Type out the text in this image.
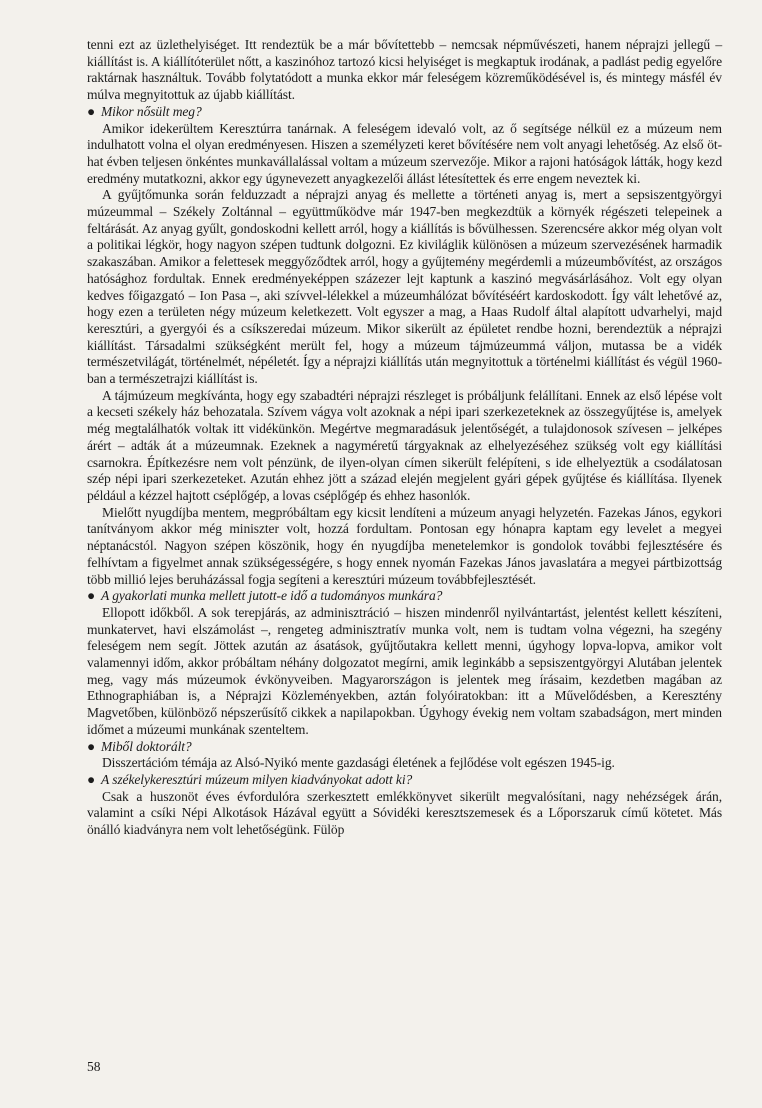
tenni ezt az üzlethelyiséget. Itt rendeztük be a már bővítettebb – nemcsak népművészeti, hanem néprajzi jellegű – kiállítást is. A kiállítóterület nőtt, a kaszinóhoz tartozó kicsi helyiséget is megkaptuk irodának, a padlást pedig egyelőre raktárnak használtuk. Tovább folytatódott a munka ekkor már feleségem közreműködésével is, és mintegy másfél év múlva megnyitottuk az újabb kiállítást.

● Mikor nősült meg?

Amikor idekerültem Keresztúrra tanárnak. A feleségem idevaló volt, az ő segítsége nélkül ez a múzeum nem indulhatott volna el olyan eredményesen. Hiszen a személyzeti keret bővítésére nem volt anyagi lehetőség. Az első öt-hat évben teljesen önkéntes munkavállalással voltam a múzeum szervezője. Mikor a rajoni hatóságok látták, hogy kezd eredmény mutatkozni, akkor egy úgynevezett anyagkezelői állást létesítettek és erre engem neveztek ki.

A gyűjtőmunka során felduzzadt a néprajzi anyag és mellette a történeti anyag is, mert a sepsiszentgyörgyi múzeummal – Székely Zoltánnal – együttműködve már 1947-ben megkezdtük a környék régészeti telepeinek a feltárását. Az anyag gyűlt, gondoskodni kellett arról, hogy a kiállítás is bővülhessen. Szerencsére akkor még olyan volt a politikai légkör, hogy nagyon szépen tudtunk dolgozni. Ez kiviláglik különösen a múzeum szervezésének harmadik szakaszában. Amikor a felettesek meggyőződtek arról, hogy a gyűjtemény megérdemli a múzeumbővítést, az országos hatósághoz fordultak. Ennek eredményeképpen százezer lejt kaptunk a kaszinó megvásárlásához. Volt egy olyan kedves főigazgató – Ion Pasa –, aki szívvel-lélekkel a múzeumhálózat bővítéséért kardoskodott. Így vált lehetővé az, hogy ezen a területen négy múzeum keletkezett. Volt egyszer a mag, a Haas Rudolf által alapított udvarhelyi, majd keresztúri, a gyergyói és a csíkszeredai múzeum. Mikor sikerült az épületet rendbe hozni, berendeztük a néprajzi kiállítást. Társadalmi szükségként merült fel, hogy a múzeum tájmúzeummá váljon, mutassa be a vidék természetvilágát, történelmét, népéletét. Így a néprajzi kiállítás után megnyitottuk a történelmi kiállítást és végül 1960-ban a természetrajzi kiállítást is.

A tájmúzeum megkívánta, hogy egy szabadtéri néprajzi részleget is próbáljunk felállítani. Ennek az első lépése volt a kecseti székely ház behozatala. Szívem vágya volt azoknak a népi ipari szerkezeteknek az összegyűjtése is, amelyek még megtalálhatók voltak itt vidékünkön. Megértve megmaradásuk jelentőségét, a tulajdonosok szívesen – jelképes árért – adták át a múzeumnak. Ezeknek a nagyméretű tárgyaknak az elhelyezéséhez szükség volt egy kiállítási csarnokra. Építkezésre nem volt pénzünk, de ilyen-olyan címen sikerült felépíteni, s ide elhelyeztük a csodálatosan szép népi ipari szerkezeteket. Azután ehhez jött a század elején megjelent gyári gépek gyűjtése és kiállítása. Ilyenek például a kézzel hajtott cséplőgép, a lovas cséplőgép és ehhez hasonlók.

Mielőtt nyugdíjba mentem, megpróbáltam egy kicsit lendíteni a múzeum anyagi helyzetén. Fazekas János, egykori tanítványom akkor még miniszter volt, hozzá fordultam. Pontosan egy hónapra kaptam egy levelet a megyei néptanácstól. Nagyon szépen köszönik, hogy én nyugdíjba menetelemkor is gondolok további fejlesztésére és felhívtam a figyelmet annak szükségességére, s hogy ennek nyomán Fazekas János javaslatára a megyei pártbizottság több millió lejes beruházással fogja segíteni a keresztúri múzeum továbbfejlesztését.

● A gyakorlati munka mellett jutott-e idő a tudományos munkára?

Ellopott időkből. A sok terepjárás, az adminisztráció – hiszen mindenről nyilvántartást, jelentést kellett készíteni, munkatervet, havi elszámolást –, rengeteg adminisztratív munka volt, nem is tudtam volna végezni, ha szegény feleségem nem segít. Jöttek azután az ásatások, gyűjtőutakra kellett menni, úgyhogy lopva-lopva, amikor volt valamennyi időm, akkor próbáltam néhány dolgozatot megírni, amik leginkább a sepsiszentgyörgyi Alutában jelentek meg, vagy más múzeumok évkönyveiben. Magyarországon is jelentek meg írásaim, kezdetben magában az Ethnographiában is, a Néprajzi Közleményekben, aztán folyóiratokban: itt a Művelődésben, a Keresztény Magvetőben, különböző népszerűsítő cikkek a napilapokban. Úgyhogy évekig nem voltam szabadságon, mert minden időmet a múzeumi munkának szenteltem.

● Miből doktorált?

Disszertációm témája az Alsó-Nyikó mente gazdasági életének a fejlődése volt egészen 1945-ig.

● A székelykeresztúri múzeum milyen kiadványokat adott ki?

Csak a huszonöt éves évfordulóra szerkesztett emlékkönyvet sikerült megvalósítani, nagy nehézségek árán, valamint a csíki Népi Alkotások Házával együtt a Sóvidéki keresztszemesek és a Lőporszaruk című kötetet. Más önálló kiadványra nem volt lehetőségünk. Fülöp

58
